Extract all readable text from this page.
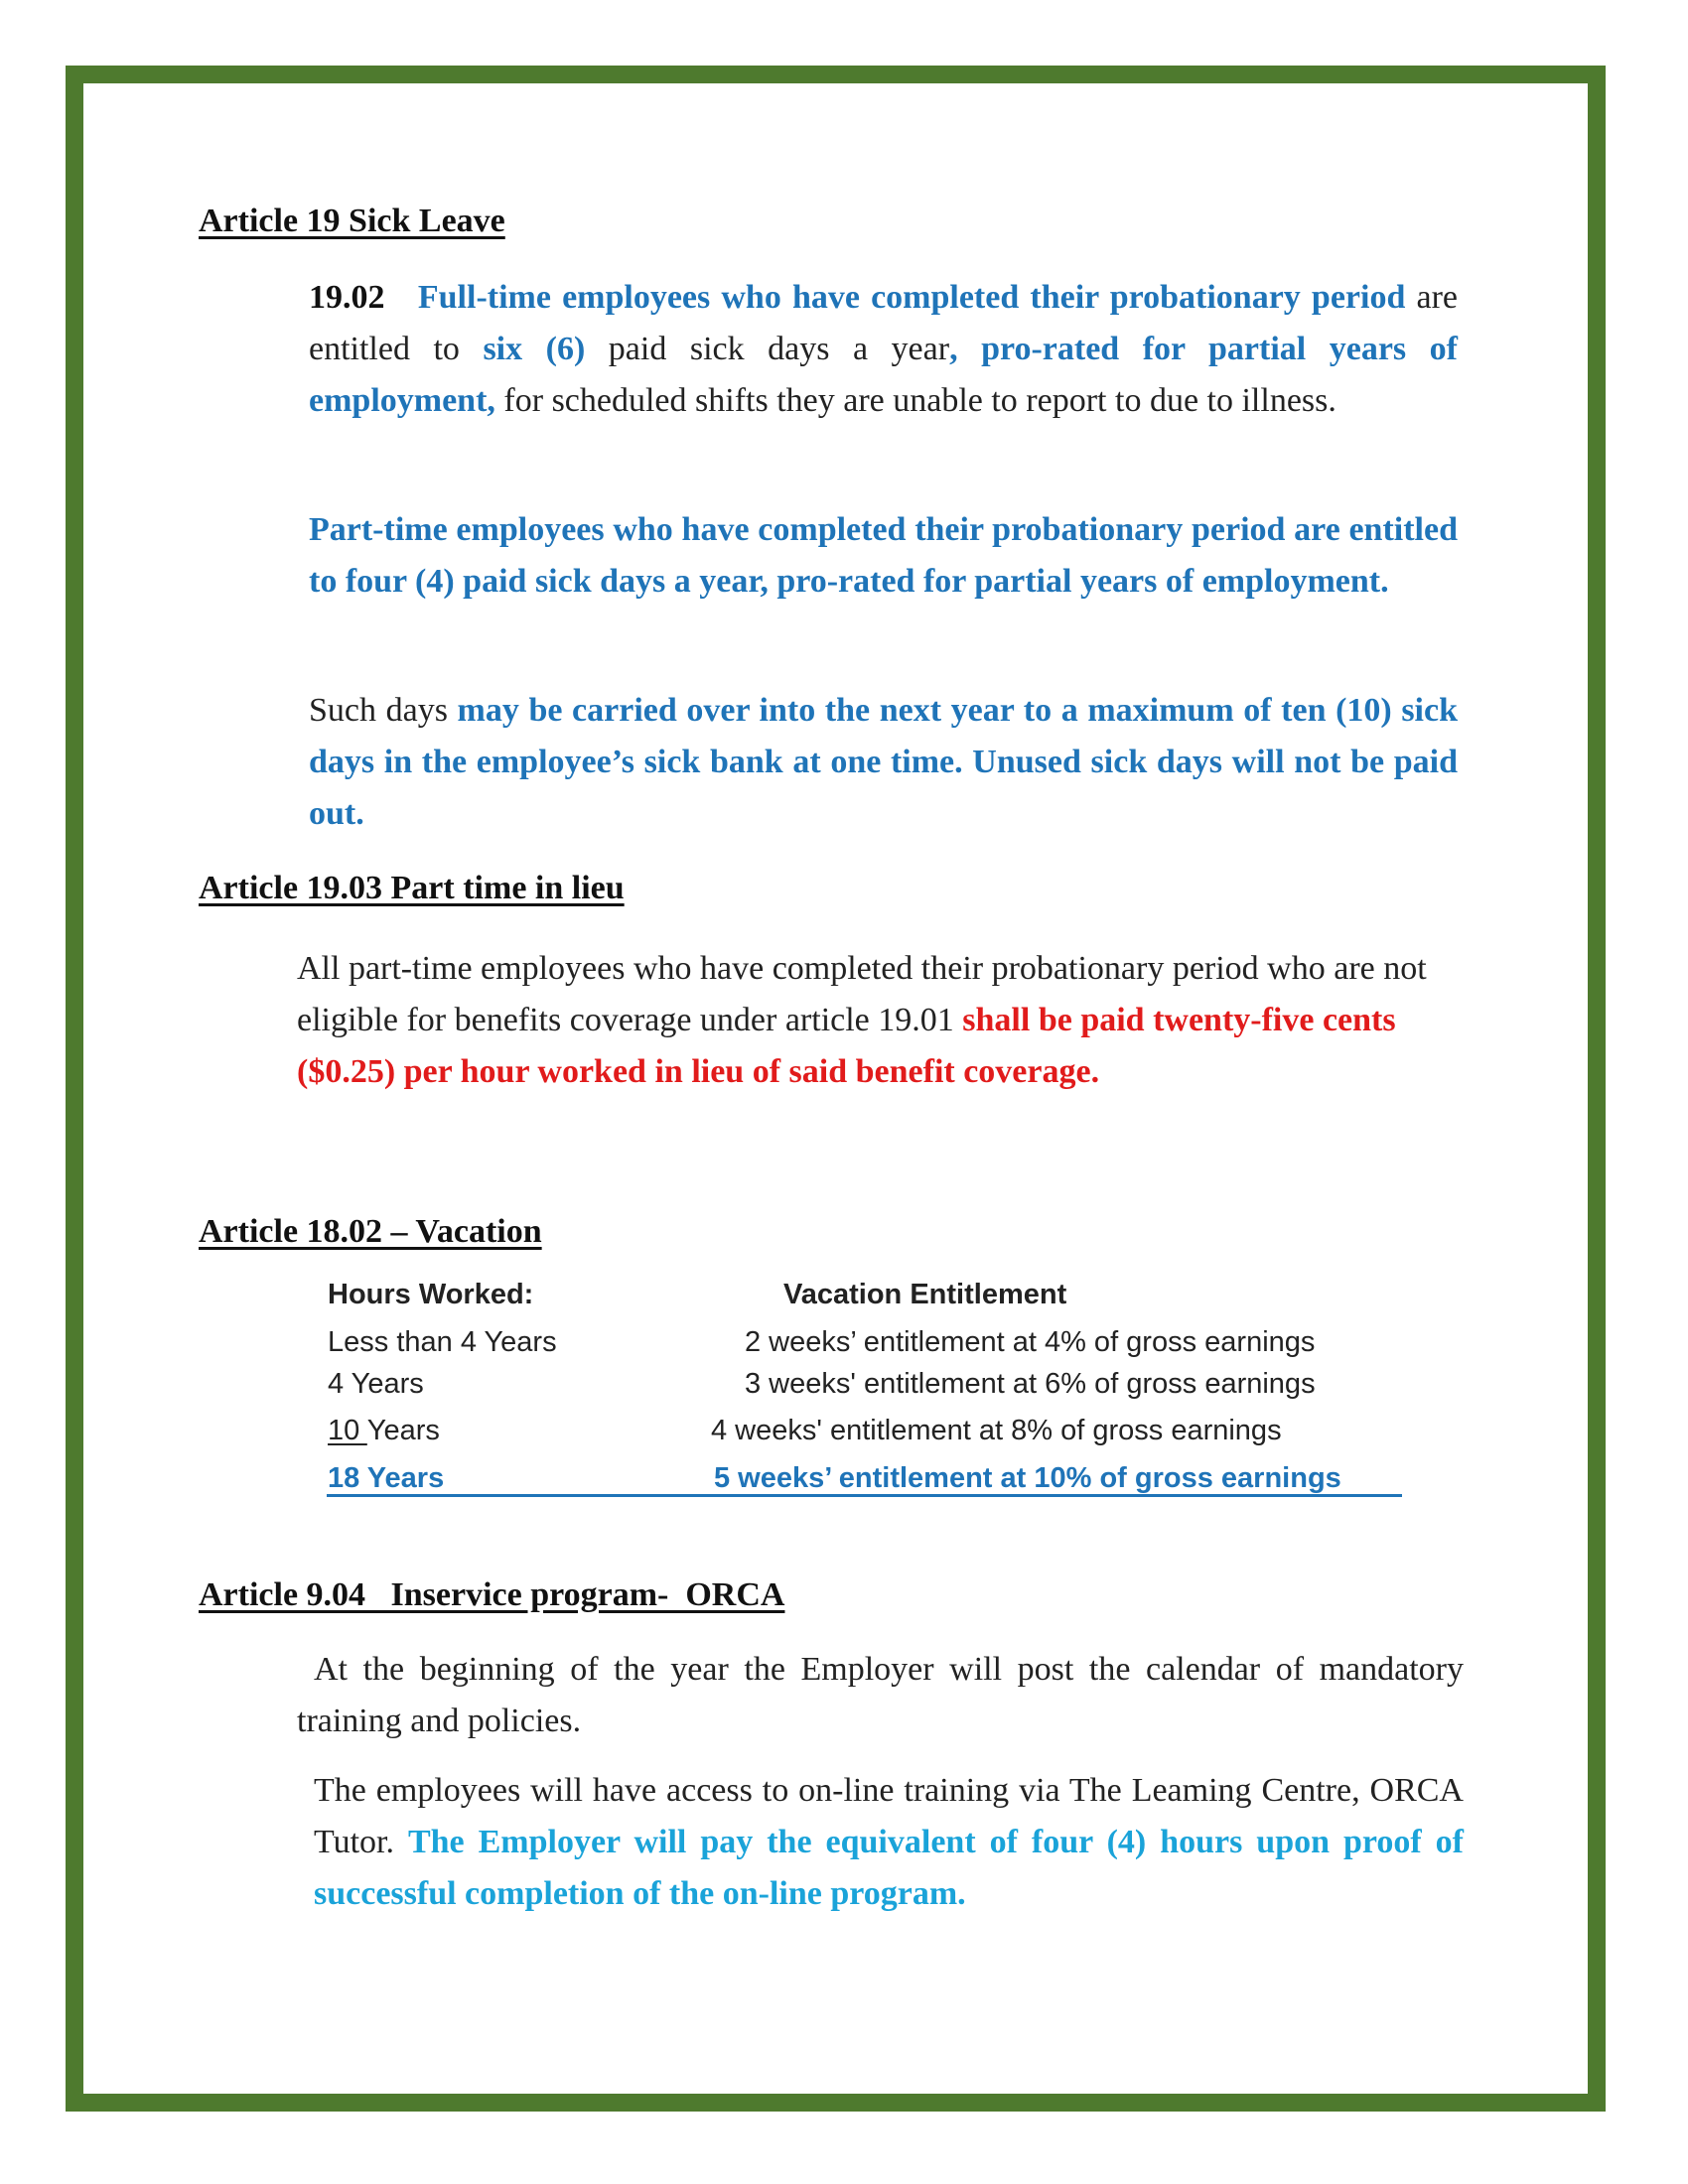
Article 19 Sick Leave
19.02 Full-time employees who have completed their probationary period are entitled to six (6) paid sick days a year, pro-rated for partial years of employment, for scheduled shifts they are unable to report to due to illness.
Part-time employees who have completed their probationary period are entitled to four (4) paid sick days a year, pro-rated for partial years of employment.
Such days may be carried over into the next year to a maximum of ten (10) sick days in the employee’s sick bank at one time. Unused sick days will not be paid out.
Article 19.03 Part time in lieu
All part-time employees who have completed their probationary period who are not eligible for benefits coverage under article 19.01 shall be paid twenty-five cents ($0.25) per hour worked in lieu of said benefit coverage.
Article 18.02 – Vacation
Hours Worked:	Vacation Entitlement
Less than 4 Years	2 weeks’ entitlement at 4% of gross earnings
4 Years	3 weeks' entitlement at 6% of gross earnings
10 Years	4 weeks' entitlement at 8% of gross earnings
18 Years	5 weeks’ entitlement at 10% of gross earnings
Article 9.04   Inservice program-  ORCA
At the beginning of the year the Employer will post the calendar of mandatory training and policies.
The employees will have access to on-line training via The Leaming Centre, ORCA Tutor. The Employer will pay the equivalent of four (4) hours upon proof of successful completion of the on-line program.
